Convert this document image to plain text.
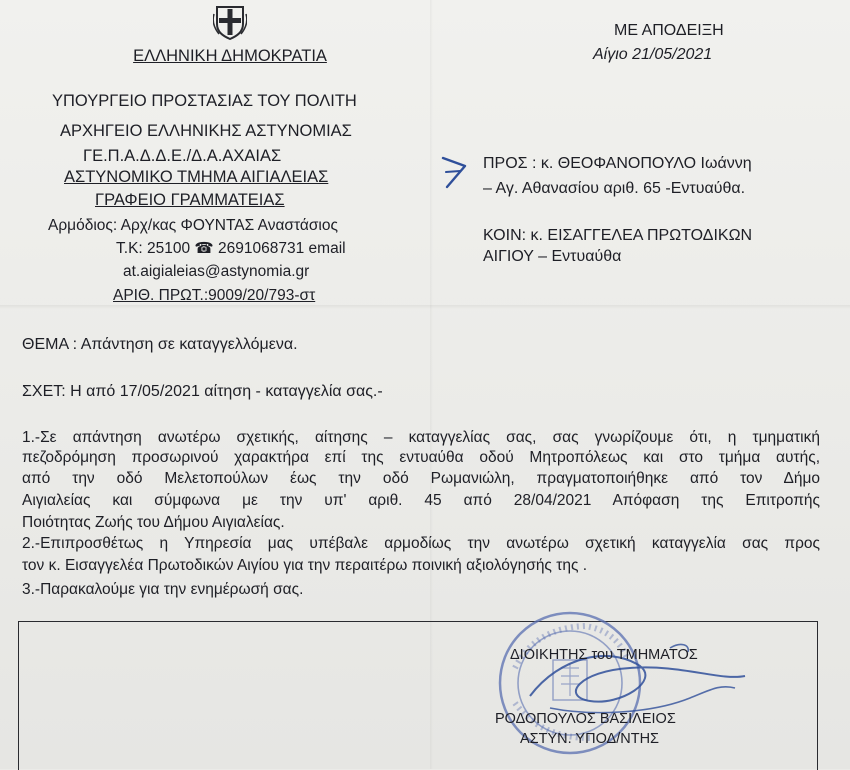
ΕΛΛΗΝΙΚΗ ΔΗΜΟΚΡΑΤΙΑ
ΥΠΟΥΡΓΕΙΟ ΠΡΟΣΤΑΣΙΑΣ ΤΟΥ ΠΟΛΙΤΗ
ΑΡΧΗΓΕΙΟ ΕΛΛΗΝΙΚΗΣ ΑΣΤΥΝΟΜΙΑΣ
ΓΕ.Π.Α.Δ.Δ.Ε./Δ.Α.ΑΧΑΙΑΣ
ΑΣΤΥΝΟΜΙΚΟ ΤΜΗΜΑ ΑΙΓΙΑΛΕΙΑΣ
ΓΡΑΦΕΙΟ ΓΡΑΜΜΑΤΕΙΑΣ
Αρμόδιος: Αρχ/κας ΦΟΥΝΤΑΣ Αναστάσιος
Τ.Κ: 25100 ☎ 2691068731 email
at.aigialeias@astynomia.gr
ΑΡΙΘ. ΠΡΩΤ.:9009/20/793-στ
ΜΕ ΑΠΟΔΕΙΞΗ
Αίγιο 21/05/2021
ΠΡΟΣ : κ. ΘΕΟΦΑΝΟΠΟΥΛΟ Ιωάννη
– Αγ. Αθανασίου αριθ. 65 -Εντυαύθα.
ΚΟΙΝ: κ. ΕΙΣΑΓΓΕΛΕΑ ΠΡΩΤΟΔΙΚΩΝ
ΑΙΓΙΟΥ – Εντυαύθα
ΘΕΜΑ : Απάντηση σε καταγγελλόμενα.
ΣΧΕΤ: Η από 17/05/2021 αίτηση - καταγγελία σας.-
1.-Σε απάντηση ανωτέρω σχετικής, αίτησης – καταγγελίας σας, σας γνωρίζουμε ότι, η τμηματική
πεζοδρόμηση προσωρινού χαρακτήρα επί της εντυαύθα οδού Μητροπόλεως και στο τμήμα αυτής,
από την οδό Μελετοπούλων έως την οδό Ρωμανιώλη, πραγματοποιήθηκε από τον Δήμο
Αιγιαλείας και σύμφωνα με την υπ' αριθ. 45 από 28/04/2021 Απόφαση της Επιτροπής
Ποιότητας Ζωής του Δήμου Αιγιαλείας.
2.-Επιπροσθέτως η Υπηρεσία μας υπέβαλε αρμοδίως την ανωτέρω σχετική καταγγελία σας προς
τον κ. Εισαγγελέα Πρωτοδικών Αιγίου για την περαιτέρω ποινική αξιολόγησής της .
3.-Παρακαλούμε για την ενημέρωσή σας.
ΔΙΟΙΚΗΤΗΣ του ΤΜΗΜΑΤΟΣ
ΡΟΔΟΠΟΥΛΟΣ ΒΑΣΙΛΕΙΟΣ
ΑΣΤΥΝ. ΥΠΟΔ/ΝΤΗΣ
